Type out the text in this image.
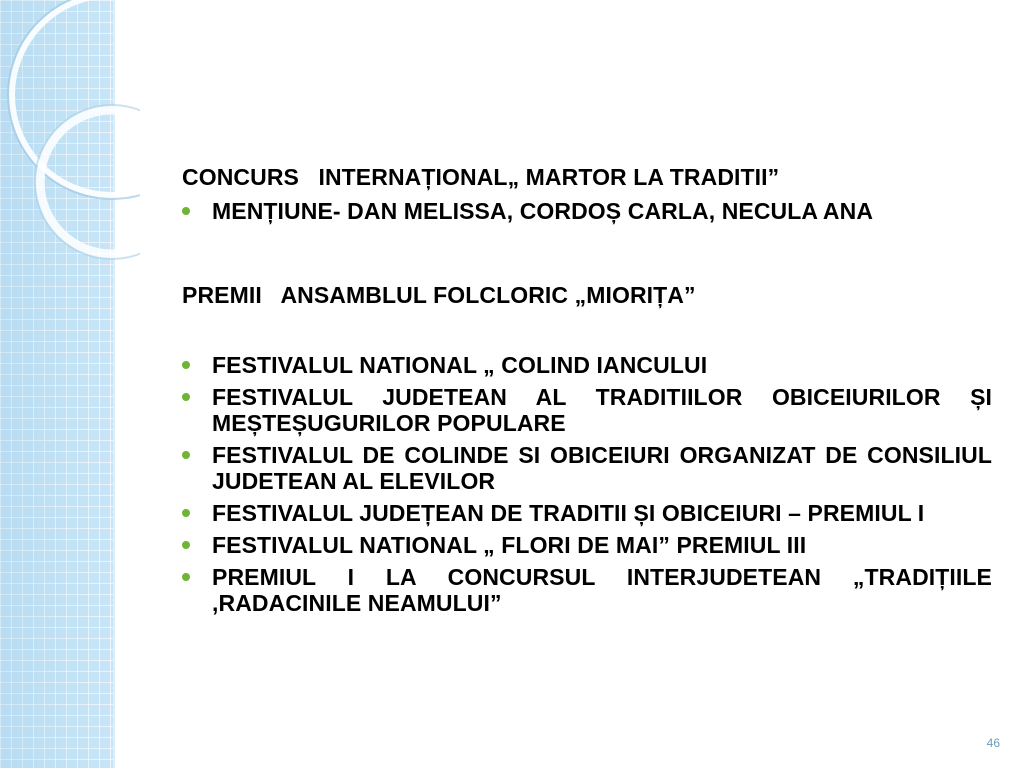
CONCURS   INTERNAȚIONAL„ MARTOR LA TRADITII”

MENȚIUNE- DAN MELISSA, CORDOȘ CARLA, NECULA ANA

PREMII   ANSAMBLUL FOLCLORIC „MIORIȚA”

FESTIVALUL NATIONAL „ COLIND IANCULUI
FESTIVALUL JUDETEAN AL TRADITIILOR OBICEIURILOR ȘI MEȘTEȘUGURILOR POPULARE
FESTIVALUL DE COLINDE SI OBICEIURI ORGANIZAT DE CONSILIUL JUDETEAN AL ELEVILOR
FESTIVALUL JUDEȚEAN DE TRADITII ȘI OBICEIURI – PREMIUL I
FESTIVALUL NATIONAL „ FLORI DE MAI” PREMIUL III
PREMIUL I LA CONCURSUL INTERJUDETEAN „TRADIȚIILE ,RADACINILE NEAMULUI”
46
